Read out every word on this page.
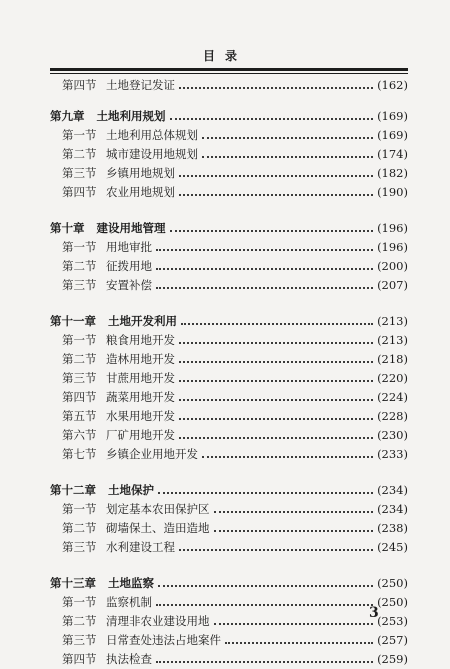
目录
第四节 土地登记发证	(162)
第九章	土地利用规划	(169)
第一节 土地利用总体规划	(169)
第二节 城市建设用地规划	(174)
第三节 乡镇用地规划	(182)
第四节 农业用地规划	(190)
第十章	建设用地管理	(196)
第一节 用地审批	(196)
第二节 征拨用地	(200)
第三节 安置补偿	(207)
第十一章	土地开发利用	(213)
第一节 粮食用地开发	(213)
第二节 造林用地开发	(218)
第三节 甘蔗用地开发	(220)
第四节 蔬菜用地开发	(224)
第五节 水果用地开发	(228)
第六节 厂矿用地开发	(230)
第七节 乡镇企业用地开发	(233)
第十二章	土地保护	(234)
第一节 划定基本农田保护区	(234)
第二节 砌墙保土、造田造地	(238)
第三节 水利建设工程	(245)
第十三章	土地监察	(250)
第一节 监察机制	(250)
第二节 清理非农业建设用地	(253)
第三节 日常查处违法占地案件	(257)
第四节 执法检查	(259)
3
